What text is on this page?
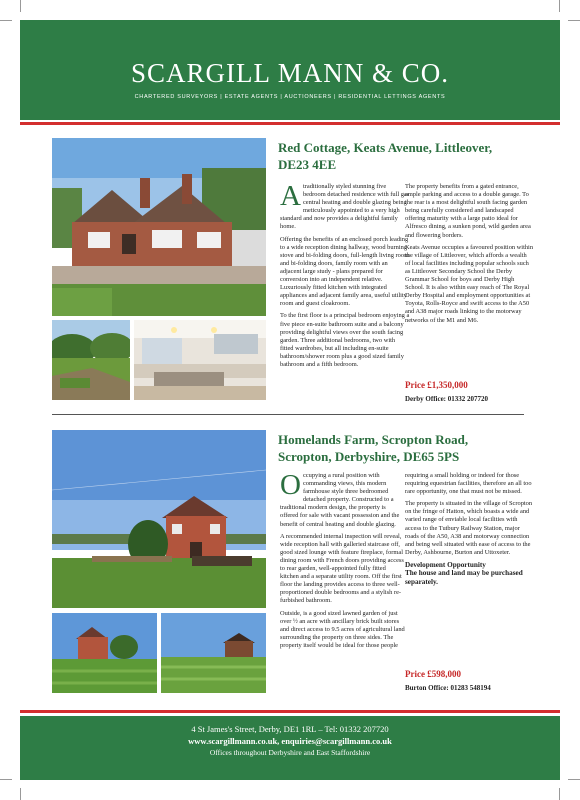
SCARGILL MANN & CO.
CHARTERED SURVEYORS | ESTATE AGENTS | AUCTIONEERS | RESIDENTIAL LETTINGS AGENTS
Red Cottage, Keats Avenue, Littleover,
DE23 4EE

Atraditionally styled stunning five bedroom detached residence with full gas central heating and double glazing being meticulously appointed to a very high standard and now provides a delightful family home.

Offering the benefits of an enclosed porch leading to a wide reception dining hallway, wood burning stove and bi-folding doors, full-length living room and bi-folding doors, family room with an adjacent large study - plans prepared for conversion into an independent relative. Luxuriously fitted kitchen with integrated appliances and adjacent family area, useful utility room and guest cloakroom.

To the first floor is a principal bedroom enjoying a five piece en-suite bathroom suite and a balcony providing delightful views over the south facing garden. Three additional bedrooms, two with fitted wardrobes, but all including en-suite bathroom/shower room plus a good sized family bathroom and a fifth bedroom.

The property benefits from a gated entrance, ample parking and access to a double garage. To the rear is a most delightful south facing garden being carefully considered and landscaped offering maturity with a large patio ideal for Alfresco dining, a sunken pond, wild garden area and flowering borders.

Keats Avenue occupies a favoured position within the village of Littleover, which affords a wealth of local facilities including popular schools such as Littleover Secondary School the Derby Grammar School for boys and Derby High School. It is also within easy reach of The Royal Derby Hospital and employment opportunities at Toyota, Rolls-Royce and swift access to the A50 and A38 major roads linking to the motorway networks of the M1 and M6.

Price £1,350,000
Derby Office: 01332 207720
Homelands Farm, Scropton Road,
Scropton, Derbyshire, DE65 5PS

Occupying a rural position with commanding views, this modern farmhouse style three bedroomed detached property. Constructed to a traditional modern design, the property is offered for sale with vacant possession and the benefit of central heating and double glazing.

A recommended internal inspection will reveal, wide reception hall with galleried staircase off, good sized lounge with feature fireplace, formal dining room with French doors providing access to rear garden, well-appointed fully fitted kitchen and a separate utility room. Off the first floor the landing provides access to three well-proportioned double bedrooms and a stylish re-furbished bathroom.

Outside, is a good sized lawned garden of just over ½ an acre with ancillary brick built stores and direct access to 9.5 acres of agricultural land surrounding the property on three sides. The property itself would be ideal for those people

requiring a small holding or indeed for those requiring equestrian facilities, therefore an all too rare opportunity, one that must not be missed.

The property is situated in the village of Scropton on the fringe of Hatton, which boasts a wide and varied range of enviable local facilities with access to the Tutbury Railway Station, major roads of the A50, A38 and motorway connection and being well situated with ease of access to the Derby, Ashbourne, Burton and Uttoxeter.

Development Opportunity
The house and land may be purchased separately.
Price £598,000
Burton Office: 01283 548194
4 St James's Street, Derby, DE1 1RL – Tel: 01332 207720
www.scargillmann.co.uk, enquiries@scargillmann.co.uk
Offices throughout Derbyshire and East Staffordshire
